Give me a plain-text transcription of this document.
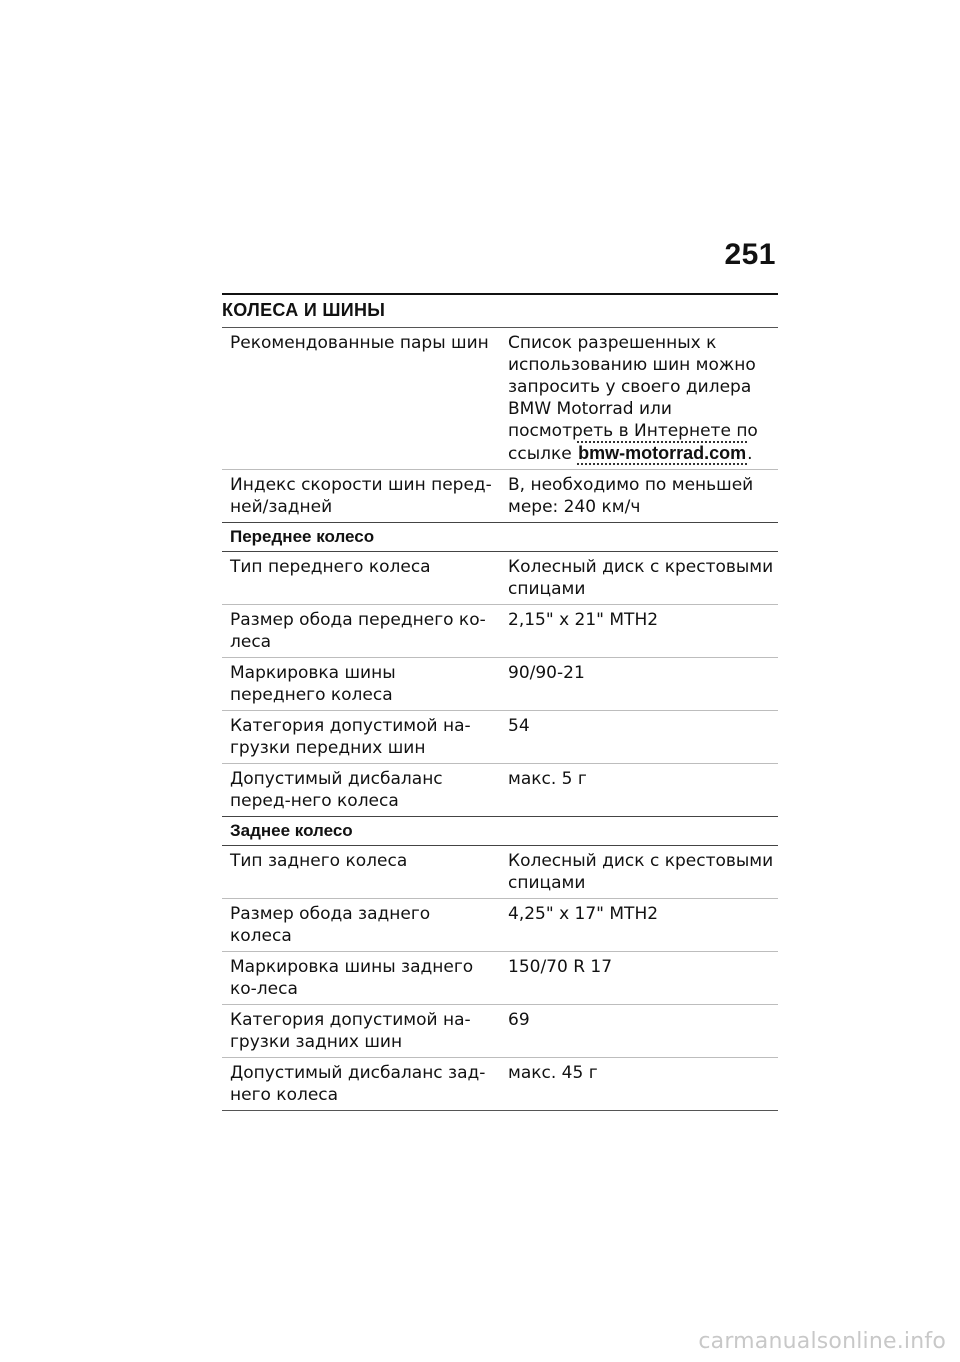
251
КОЛЕСА И ШИНЫ
Рекомендованные пары шин	Список разрешенных к использованию шин можно запросить у своего дилера BMW Motorrad или посмотреть в Интернете по ссылке bmw-motorrad.com.
Индекс скорости шин перед-ней/задней	B, необходимо по меньшей мере: 240 км/ч
Переднее колесо	
Тип переднего колеса	Колесный диск с крестовыми спицами
Размер обода переднего ко-леса	2,15" x 21" MTH2
Маркировка шины переднего колеса	90/90-21
Категория допустимой на-грузки передних шин	54
Допустимый дисбаланс перед-него колеса	макс. 5 г
Заднее колесо	
Тип заднего колеса	Колесный диск с крестовыми спицами
Размер обода заднего колеса	4,25" x 17" MTH2
Маркировка шины заднего ко-леса	150/70 R 17
Категория допустимой на-грузки задних шин	69
Допустимый дисбаланс зад-него колеса	макс. 45 г
carmanualsonline.info
